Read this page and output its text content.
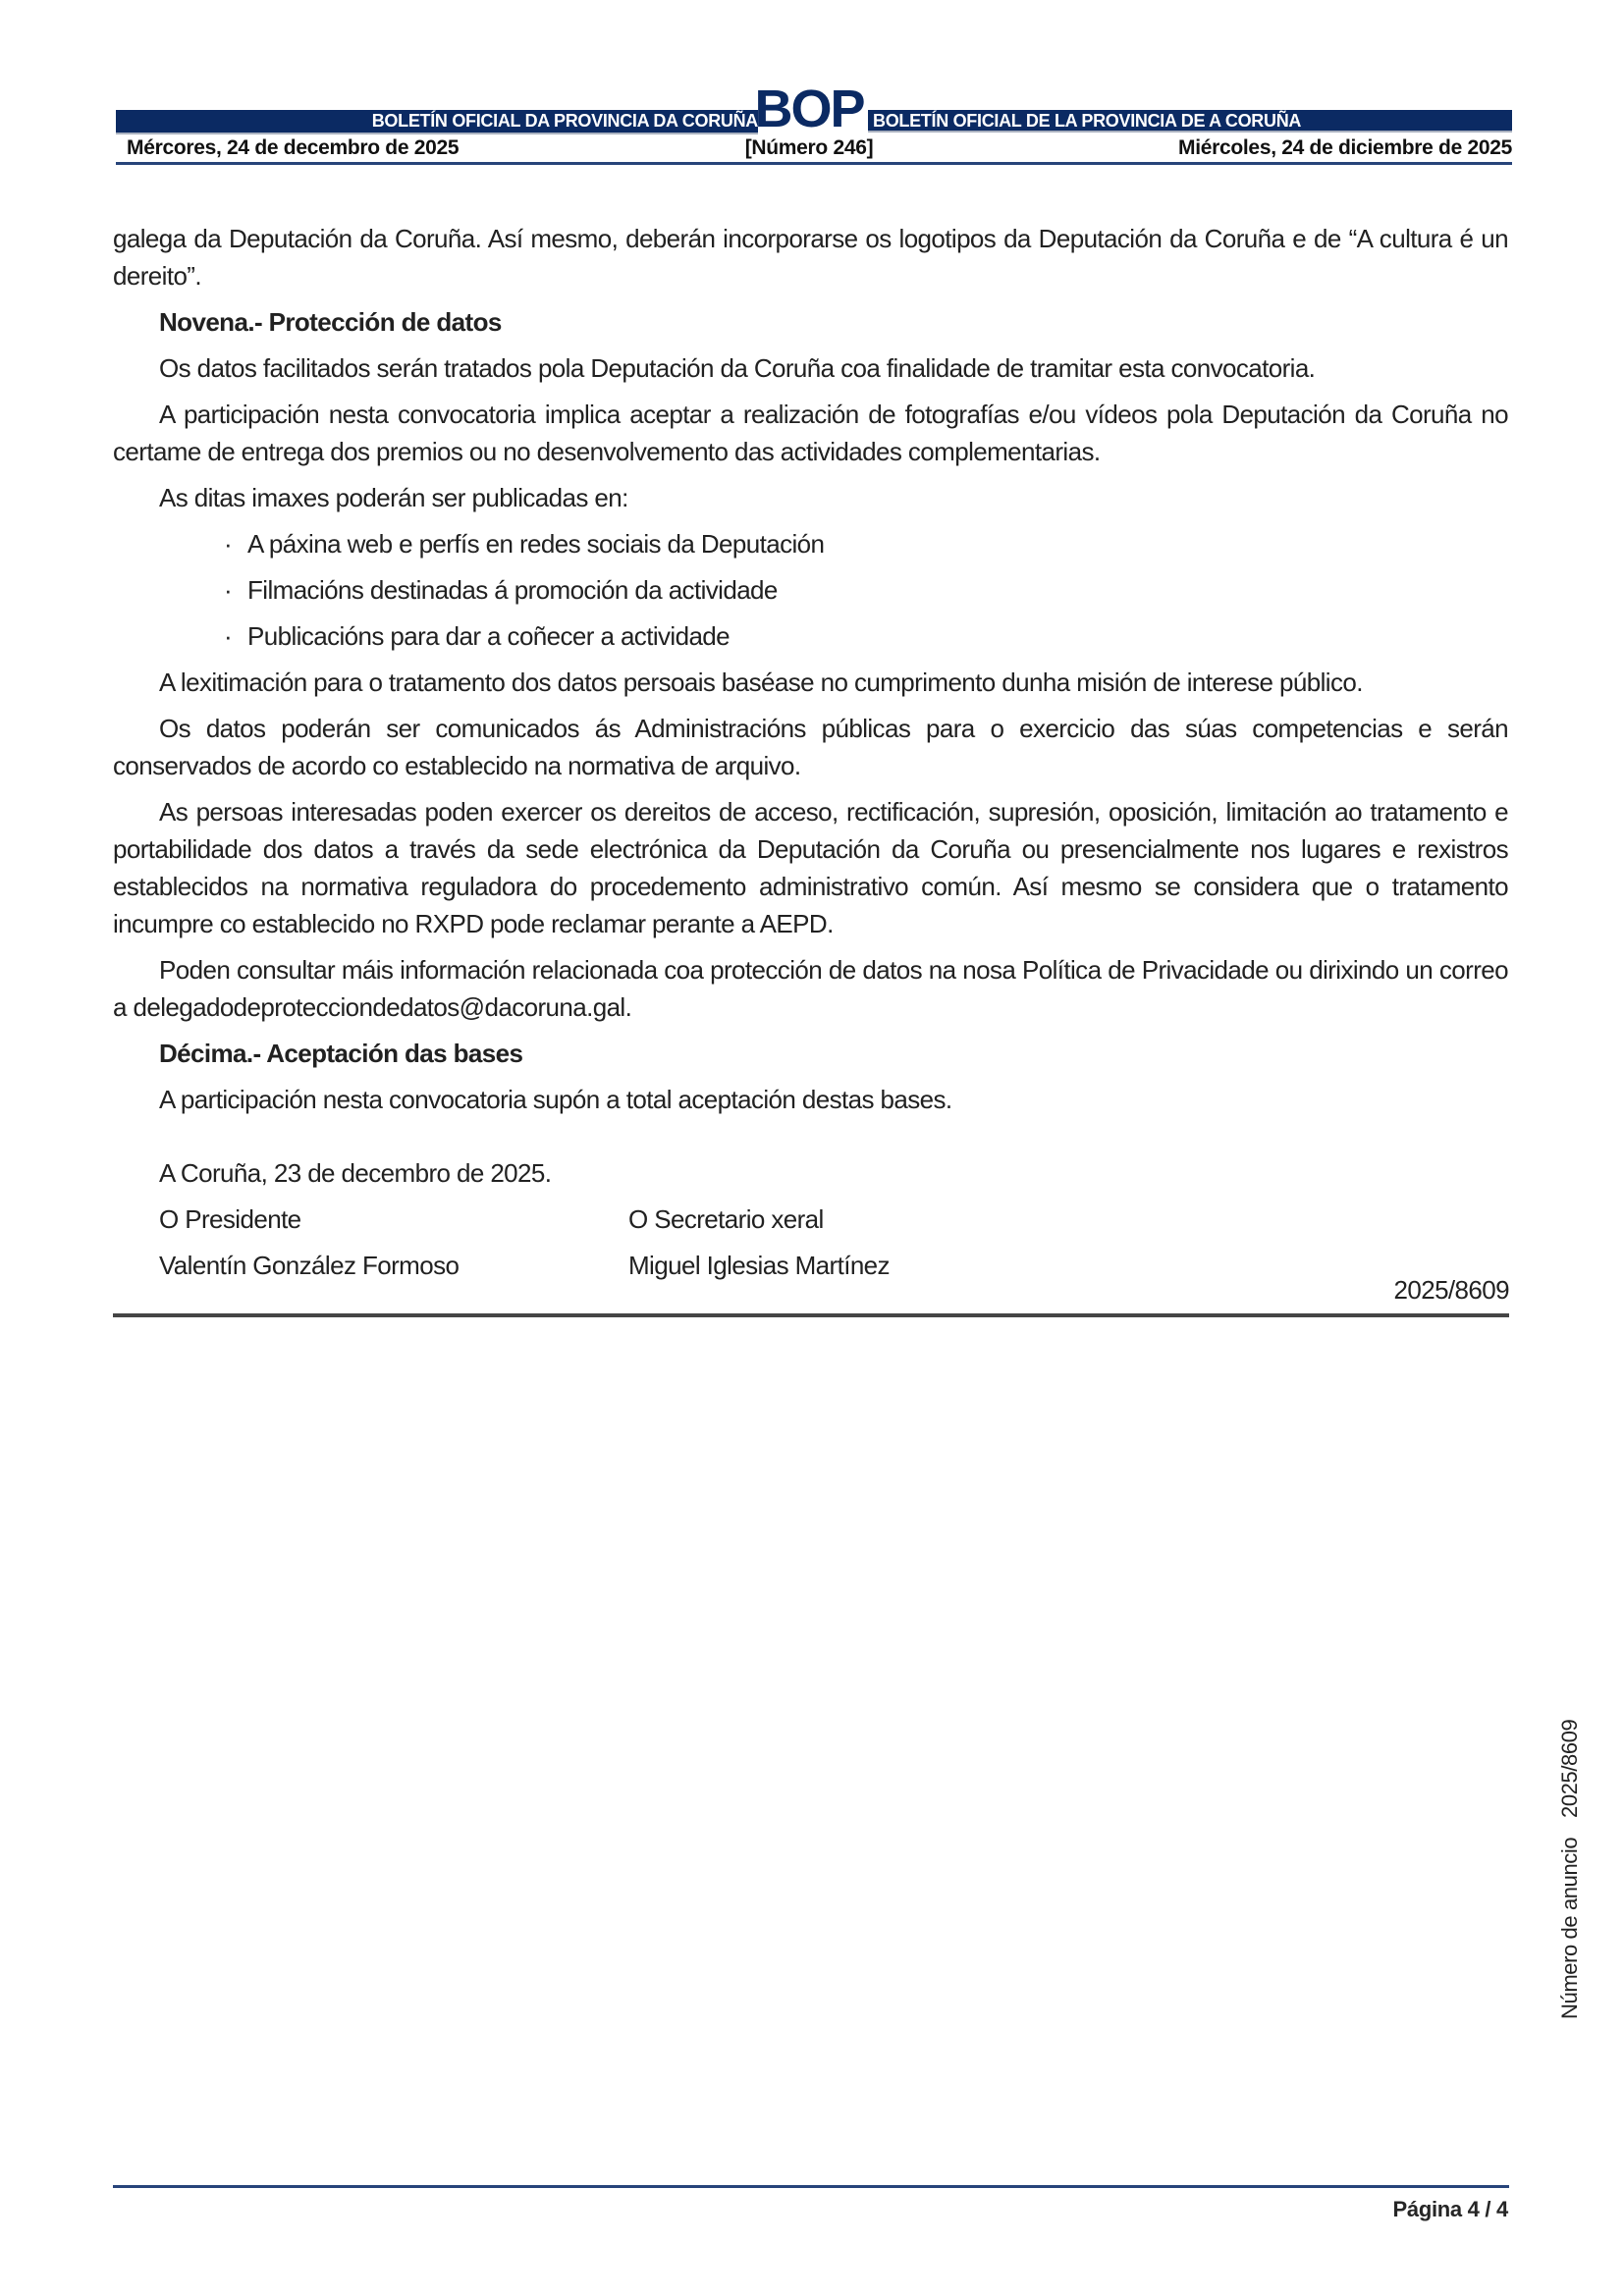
BOLETÍN OFICIAL DA PROVINCIA DA CORUÑA
BOP BOLETÍN OFICIAL DE LA PROVINCIA DE A CORUÑA
Mércores, 24 de decembro de 2025	[Número 246]	Miércoles, 24 de diciembre de 2025

galega da Deputación da Coruña. Así mesmo, deberán incorporarse os logotipos da Deputación da Coruña e de “A cultura é un dereito”.

Novena.- Protección de datos

Os datos facilitados serán tratados pola Deputación da Coruña coa finalidade de tramitar esta convocatoria.

A participación nesta convocatoria implica aceptar a realización de fotografías e/ou vídeos pola Deputación da Coruña no certame de entrega dos premios ou no desenvolvemento das actividades complementarias.

As ditas imaxes poderán ser publicadas en:

· A páxina web e perfís en redes sociais da Deputación
· Filmacións destinadas á promoción da actividade
· Publicacións para dar a coñecer a actividade

A lexitimación para o tratamento dos datos persoais baséase no cumprimento dunha misión de interese público.

Os datos poderán ser comunicados ás Administracións públicas para o exercicio das súas competencias e serán conservados de acordo co establecido na normativa de arquivo.

As persoas interesadas poden exercer os dereitos de acceso, rectificación, supresión, oposición, limitación ao tratamento e portabilidade dos datos a través da sede electrónica da Deputación da Coruña ou presencialmente nos lugares e rexistros establecidos na normativa reguladora do procedemento administrativo común. Así mesmo se considera que o tratamento incumpre co establecido no RXPD pode reclamar perante a AEPD.

Poden consultar máis información relacionada coa protección de datos na nosa Política de Privacidade ou dirixindo un correo a delegadodeprotecciondedatos@dacoruna.gal.

Décima.- Aceptación das bases

A participación nesta convocatoria supón a total aceptación destas bases.

A Coruña, 23 de decembro de 2025.
O Presidente	O Secretario xeral
Valentín González Formoso	Miguel Iglesias Martínez
2025/8609
Número de anuncio2025/8609
Página 4 / 4
